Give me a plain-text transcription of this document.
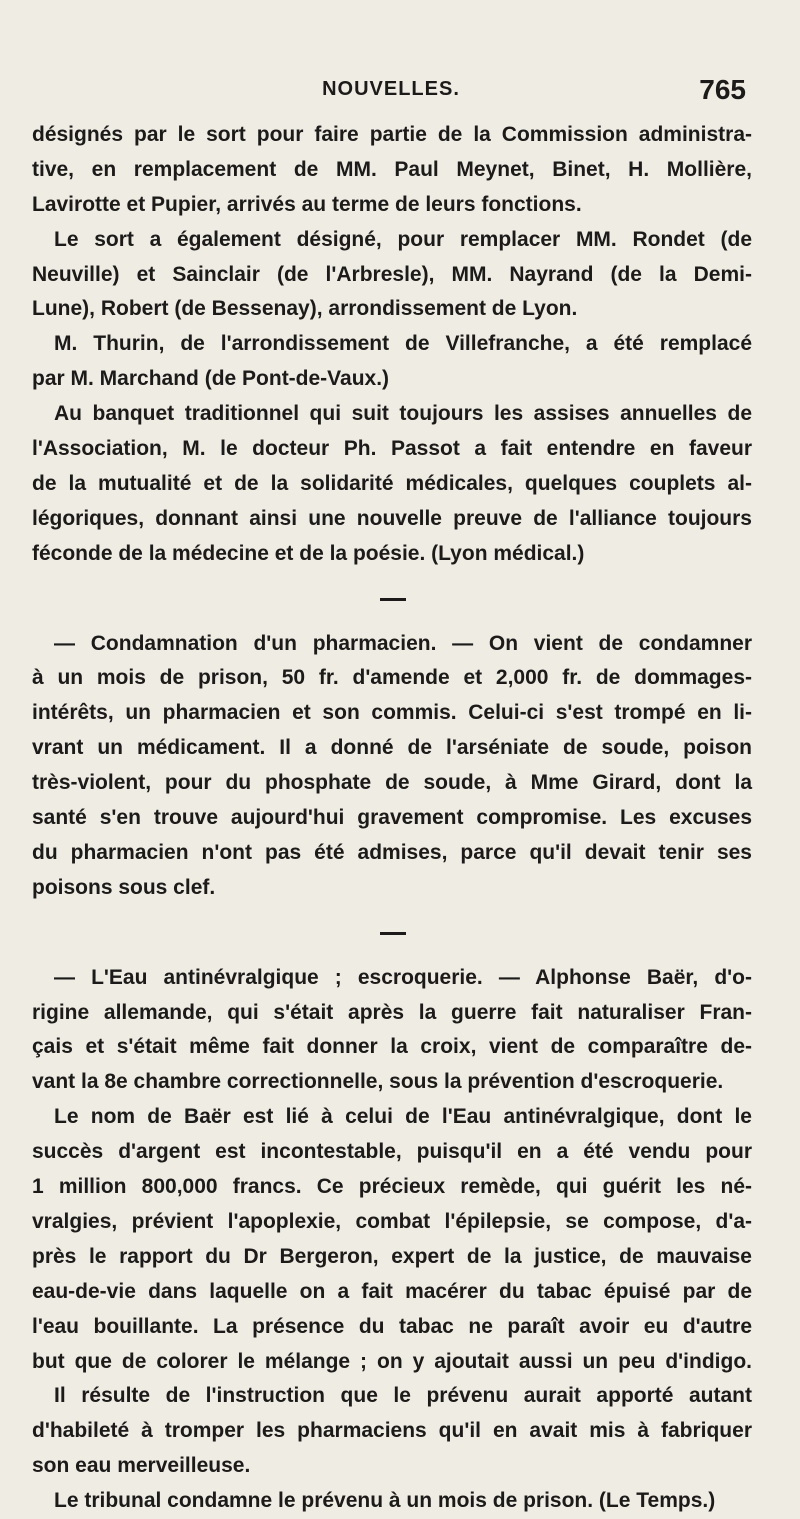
NOUVELLES.	765

désignés par le sort pour faire partie de la Commission administra-

tive, en remplacement de MM. Paul Meynet, Binet, H. Mollière,

Lavirotte et Pupier, arrivés au terme de leurs fonctions.

Le sort a également désigné, pour remplacer MM. Rondet (de

Neuville) et Sainclair (de l'Arbresle), MM. Nayrand (de la Demi-

Lune), Robert (de Bessenay), arrondissement de Lyon.

M. Thurin, de l'arrondissement de Villefranche, a été remplacé

par M. Marchand (de Pont-de-Vaux.)

Au banquet traditionnel qui suit toujours les assises annuelles de

l'Association, M. le docteur Ph. Passot a fait entendre en faveur

de la mutualité et de la solidarité médicales, quelques couplets al-

légoriques, donnant ainsi une nouvelle preuve de l'alliance toujours

féconde de la médecine et de la poésie. (Lyon médical.)

— Condamnation d'un pharmacien. — On vient de condamner

à un mois de prison, 50 fr. d'amende et 2,000 fr. de dommages-

intérêts, un pharmacien et son commis. Celui-ci s'est trompé en li-

vrant un médicament. Il a donné de l'arséniate de soude, poison

très-violent, pour du phosphate de soude, à Mme Girard, dont la

santé s'en trouve aujourd'hui gravement compromise. Les excuses

du pharmacien n'ont pas été admises, parce qu'il devait tenir ses

poisons sous clef.

— L'Eau antinévralgique ; escroquerie. — Alphonse Baër, d'o-

rigine allemande, qui s'était après la guerre fait naturaliser Fran-

çais et s'était même fait donner la croix, vient de comparaître de-

vant la 8e chambre correctionnelle, sous la prévention d'escroquerie.

Le nom de Baër est lié à celui de l'Eau antinévralgique, dont le

succès d'argent est incontestable, puisqu'il en a été vendu pour

1 million 800,000 francs. Ce précieux remède, qui guérit les né-

vralgies, prévient l'apoplexie, combat l'épilepsie, se compose, d'a-

près le rapport du Dr Bergeron, expert de la justice, de mauvaise

eau-de-vie dans laquelle on a fait macérer du tabac épuisé par de

l'eau bouillante. La présence du tabac ne paraît avoir eu d'autre

but que de colorer le mélange ; on y ajoutait aussi un peu d'indigo.

Il résulte de l'instruction que le prévenu aurait apporté autant

d'habileté à tromper les pharmaciens qu'il en avait mis à fabriquer

son eau merveilleuse.

Le tribunal condamne le prévenu à un mois de prison. (Le Temps.)
